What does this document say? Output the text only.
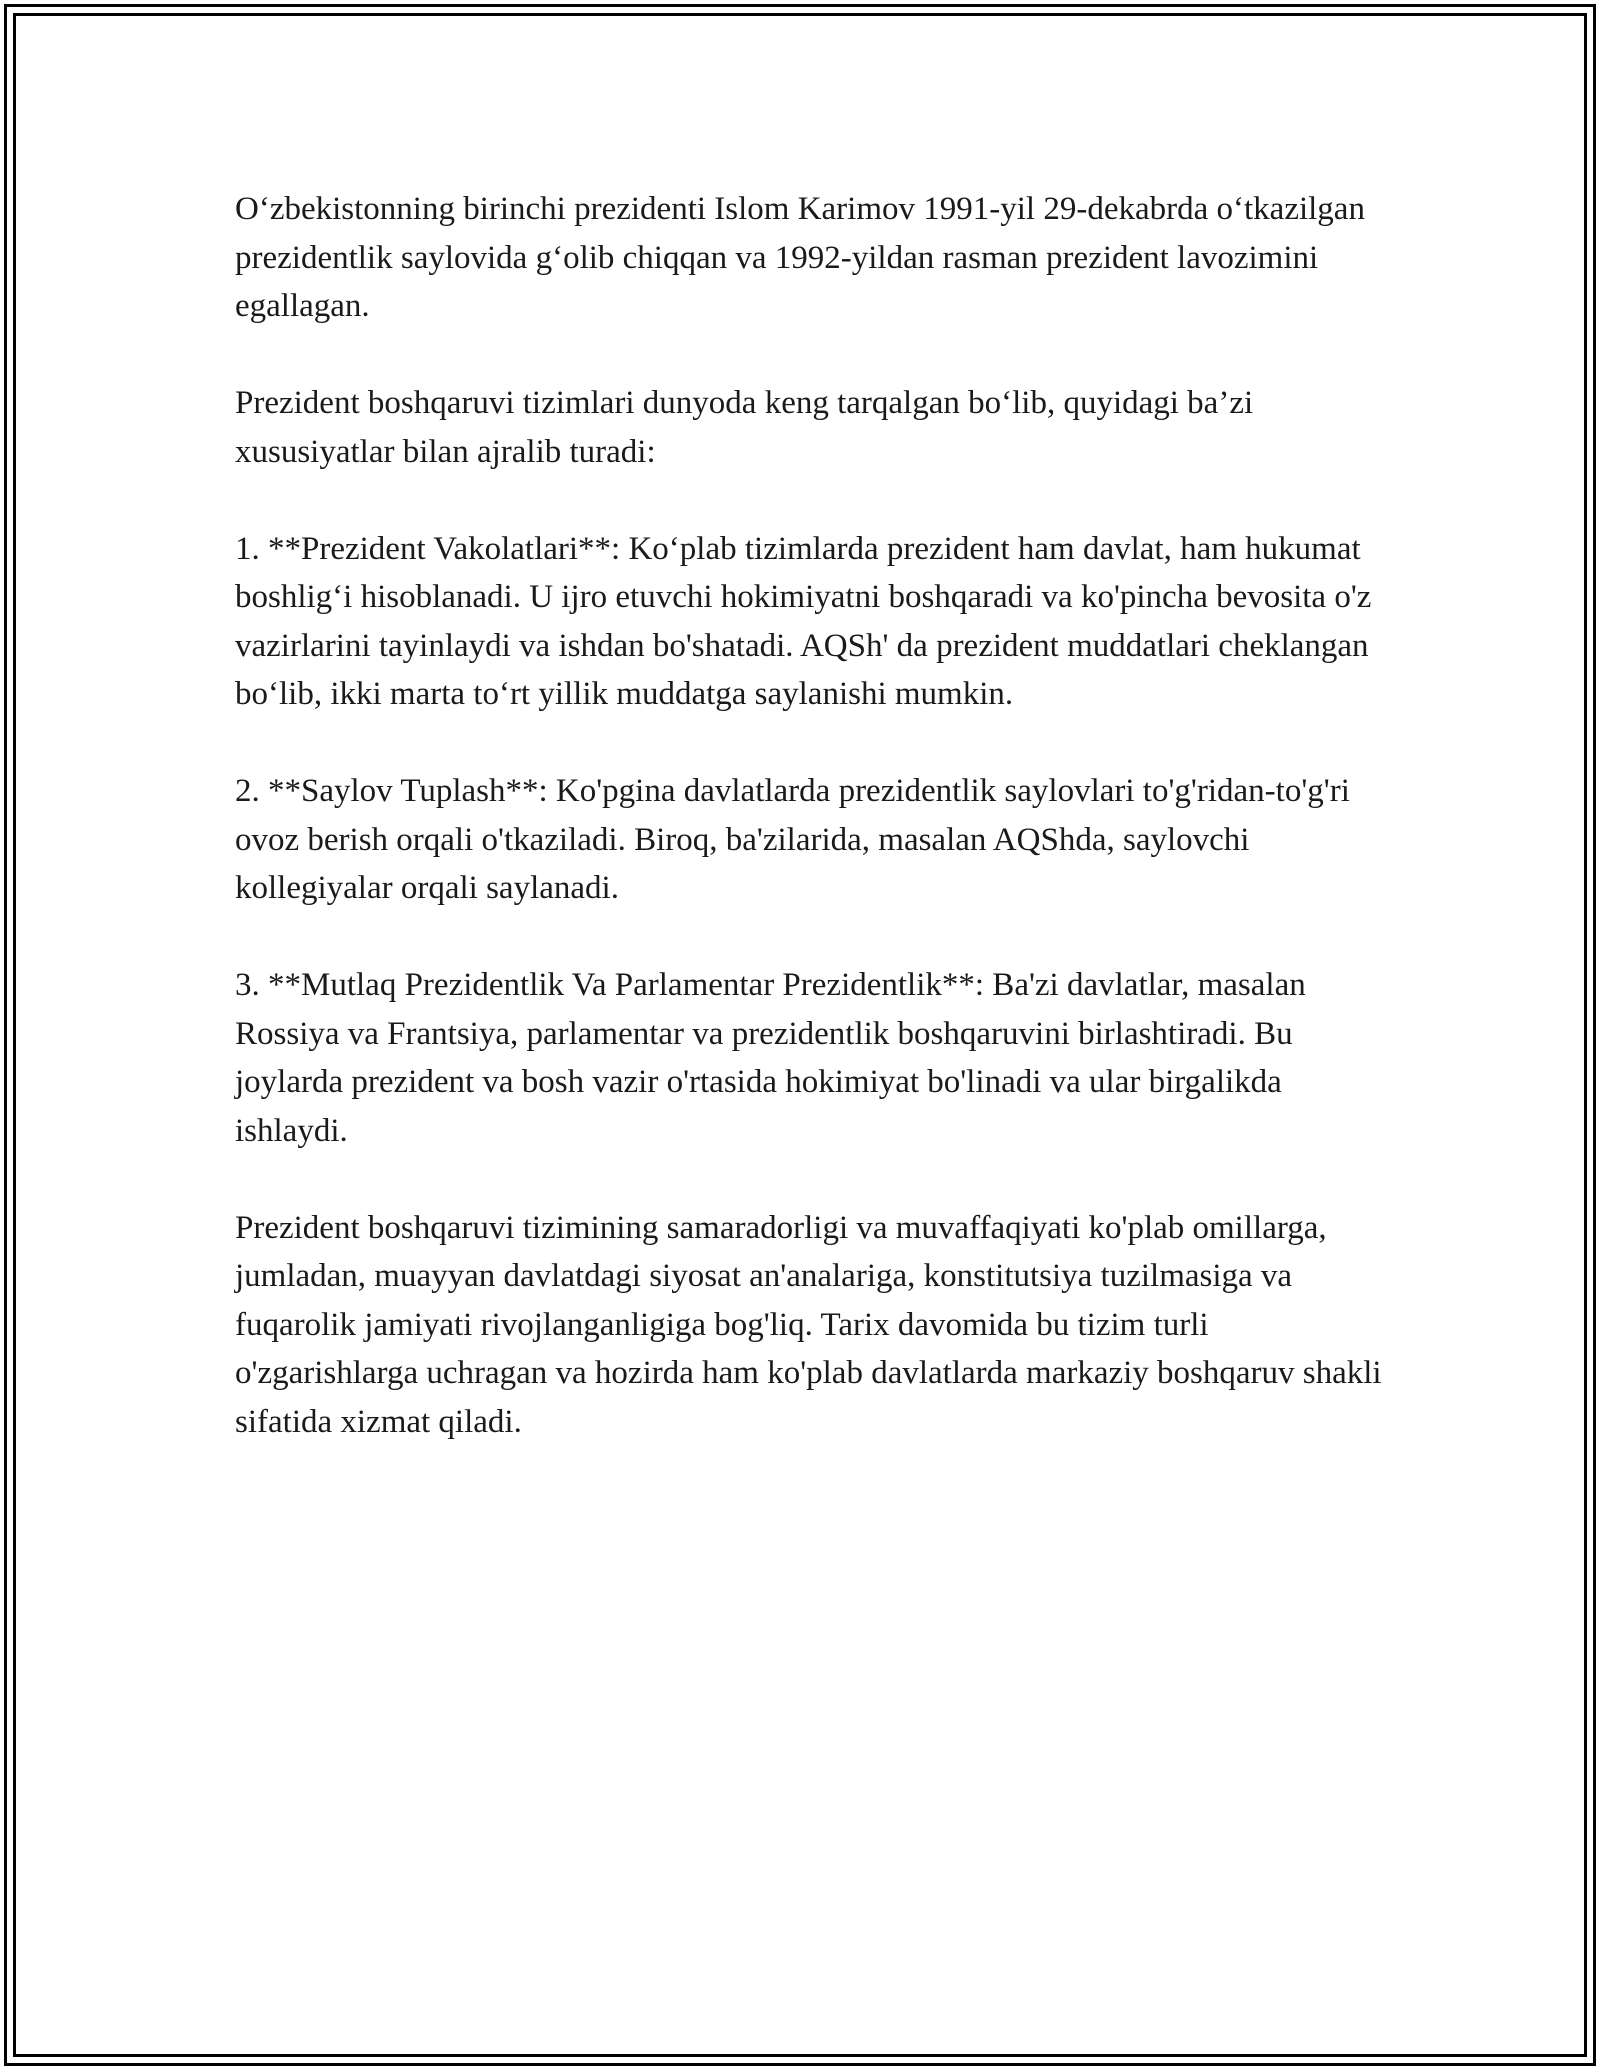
O‘zbekistonning birinchi prezidenti Islom Karimov 1991-yil 29-dekabrda o‘tkazilgan prezidentlik saylovida g‘olib chiqqan va 1992-yildan rasman prezident lavozimini egallagan.

Prezident boshqaruvi tizimlari dunyoda keng tarqalgan bo‘lib, quyidagi ba’zi xususiyatlar bilan ajralib turadi:

1. **Prezident Vakolatlari**: Ko‘plab tizimlarda prezident ham davlat, ham hukumat boshlig‘i hisoblanadi. U ijro etuvchi hokimiyatni boshqaradi va ko'pincha bevosita o'z vazirlarini tayinlaydi va ishdan bo'shatadi. AQSh' da prezident muddatlari cheklangan bo‘lib, ikki marta to‘rt yillik muddatga saylanishi mumkin.

2. **Saylov Tuplash**: Ko'pgina davlatlarda prezidentlik saylovlari to'g'ridan-to'g'ri ovoz berish orqali o'tkaziladi. Biroq, ba'zilarida, masalan AQShda, saylovchi kollegiyalar orqali saylanadi.

3. **Mutlaq Prezidentlik Va Parlamentar Prezidentlik**: Ba'zi davlatlar, masalan Rossiya va Frantsiya, parlamentar va prezidentlik boshqaruvini birlashtiradi. Bu joylarda prezident va bosh vazir o'rtasida hokimiyat bo'linadi va ular birgalikda ishlaydi.

Prezident boshqaruvi tizimining samaradorligi va muvaffaqiyati ko'plab omillarga, jumladan, muayyan davlatdagi siyosat an'analariga, konstitutsiya tuzilmasiga va fuqarolik jamiyati rivojlanganligiga bog'liq. Tarix davomida bu tizim turli o'zgarishlarga uchragan va hozirda ham ko'plab davlatlarda markaziy boshqaruv shakli sifatida xizmat qiladi.
